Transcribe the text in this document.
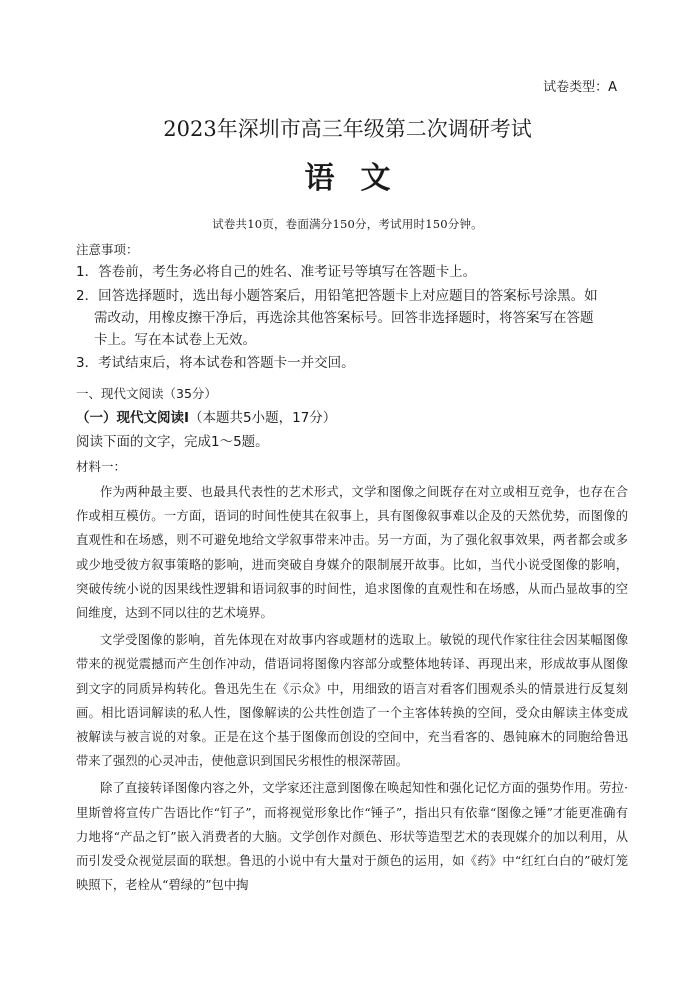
试卷类型：A
2023年深圳市高三年级第二次调研考试
语文
试卷共10页，卷面满分150分，考试用时150分钟。
注意事项：
1．答卷前，考生务必将自己的姓名、准考证号等填写在答题卡上。
2．回答选择题时，选出每小题答案后，用铅笔把答题卡上对应题目的答案标号涂黑。如
需改动，用橡皮擦干净后，再选涂其他答案标号。回答非选择题时，将答案写在答题
卡上。写在本试卷上无效。
3．考试结束后，将本试卷和答题卡一并交回。
一、现代文阅读（35分）
（一）现代文阅读Ⅰ（本题共5小题，17分）
阅读下面的文字，完成1～5题。
材料一：

作为两种最主要、也最具代表性的艺术形式，文学和图像之间既存在对立或相互竞争，也存在合作或相互模仿。一方面，语词的时间性使其在叙事上，具有图像叙事难以企及的天然优势，而图像的直观性和在场感，则不可避免地给文学叙事带来冲击。另一方面，为了强化叙事效果，两者都会或多或少地受彼方叙事策略的影响，进而突破自身媒介的限制展开故事。比如，当代小说受图像的影响，突破传统小说的因果线性逻辑和语词叙事的时间性，追求图像的直观性和在场感，从而凸显故事的空间维度，达到不同以往的艺术境界。

文学受图像的影响，首先体现在对故事内容或题材的选取上。敏锐的现代作家往往会因某幅图像带来的视觉震撼而产生创作冲动，借语词将图像内容部分或整体地转译、再现出来，形成故事从图像到文字的同质异构转化。鲁迅先生在《示众》中，用细致的语言对看客们围观杀头的情景进行反复刻画。相比语词解读的私人性，图像解读的公共性创造了一个主客体转换的空间，受众由解读主体变成被解读与被言说的对象。正是在这个基于图像而创设的空间中，充当看客的、愚钝麻木的同胞给鲁迅带来了强烈的心灵冲击，使他意识到国民劣根性的根深蒂固。

除了直接转译图像内容之外，文学家还注意到图像在唤起知性和强化记忆方面的强势作用。劳拉·里斯曾将宣传广告语比作“钉子”，而将视觉形象比作“锤子”，指出只有依靠“图像之锤”才能更准确有力地将“产品之钉”嵌入消费者的大脑。文学创作对颜色、形状等造型艺术的表现媒介的加以利用，从而引发受众视觉层面的联想。鲁迅的小说中有大量对于颜色的运用，如《药》中“红红白白的”破灯笼映照下，老栓从“碧绿的”包中掏
